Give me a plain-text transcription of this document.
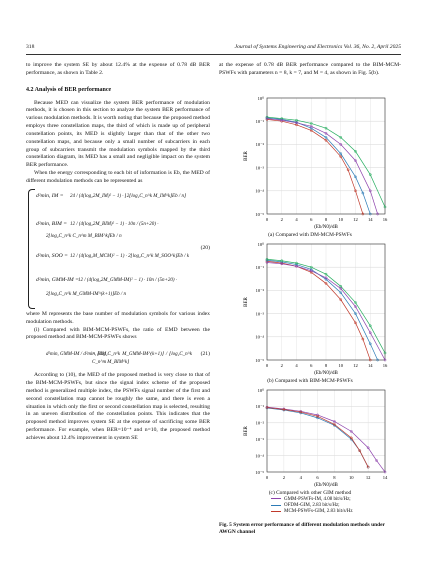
318	Journal of Systems Engineering and Electronics Vol. 36, No. 2, April 2025

to improve the system SE by about 12.4% at the expense of 0.78 dB BER performance, as shown in Table 2.

4.2 Analysis of BER performance

Because MED can visualize the system BER performance of modulation methods, it is chosen in this section to analyze the system BER performance of various modulation methods. It is worth noting that because the proposed method employs three constellation maps, the third of which is made up of peripheral constellation points, its MED is slightly larger than that of the other two constellation maps, and because only a small number of subcarriers in each group of subcarriers transmit the modulation symbols mapped by the third constellation diagram, its MED has a small and negligible impact on the system BER performance.

When the energy corresponding to each bit of information is Eb, the MED of different modulation methods can be represented as

d²min, IM = 24 / (4(log₂2M_IM)² − 1) · ⌊2⌊log₂C_n^k M_IM^k⌋Eb / n⌋
d²min, BIM = 12 / (4(log₂2M_BIM)² − 1) · 10n / (5n+20) ·
2⌊log₂C_n^k C_n^m M_BIM^k⌋Eb / n
d²min, SOO = 12 / (4(log₂M_MCM)² − 1) · 2⌊log₂C_n^k M_SOO^k⌋Eb / k
d²min, GMM-IM = 12 / (4(log₂2M_GMM-IM)² − 1) · 10n / (5n+20) ·
2⌊log₂C_n^k M_GMM-IM^(k+1)⌋Eb / n
(20)

where M represents the base number of modulation symbols for various index modulation methods.

(i) Compared with BIM-MCM-PSWFs, the ratio of EMD between the proposed method and BIM-MCM-PSWFs shows

d²min, GMM-IM / d²min, BIM
= ⌊log₂C_n^k M_GMM-IM^(k+1)⌋ / ⌊log₂C_n^k C_n^m M_BIM^k⌋
(21)

According to (10), the MED of the proposed method is very close to that of the BIM-MCM-PSWFs, but since the signal index scheme of the proposed method is generalized multiple index, the PSWFs signal number of the first and second constellation map cannot be roughly the same, and there is even a situation in which only the first or second constellation map is selected, resulting in an uneven distribution of the constellation points. This indicates that the proposed method improves system SE at the expense of sacrificing some BER performance. For example, when BER=10⁻⁴ and n=10, the proposed method achieves about 12.4% improvement in system SE

at the expense of 0.78 dB BER performance compared to the BIM-MCM-PSWFs with parameters n = 8, k = 7, and M = 4, as shown in Fig. 5(b).

10⁰
10⁻¹
10⁻²
10⁻³
10⁻⁴
10⁻⁵
0	2	4	6	8 10 12 14 16
BER
(Eb/N0)/dB
(a) Compared with DM-MCM-PSWFs
10⁰
10⁻¹
10⁻²
10⁻³
10⁻⁴
10⁻⁵
0	2	4	6	8 10 12 14 16
BER
(Eb/N0)/dB
(b) Compared with BIM-MCM-PSWFs
10⁰
10⁻¹
10⁻²
10⁻³
10⁻⁴
10⁻⁵
0	2	4	6	8	10	12	14
BER
(Eb/N0)/dB
(c) Compared with other GIM method
GMM-PSWFs-IM, 4.08 bit/s/Hz;
OFDM-GIM, 2.83 bit/s/Hz;
MCM-PSWFs-GIM, 2.83 bit/s/Hz
Fig. 5 System error performance of different modulation methods under AWGN channel
